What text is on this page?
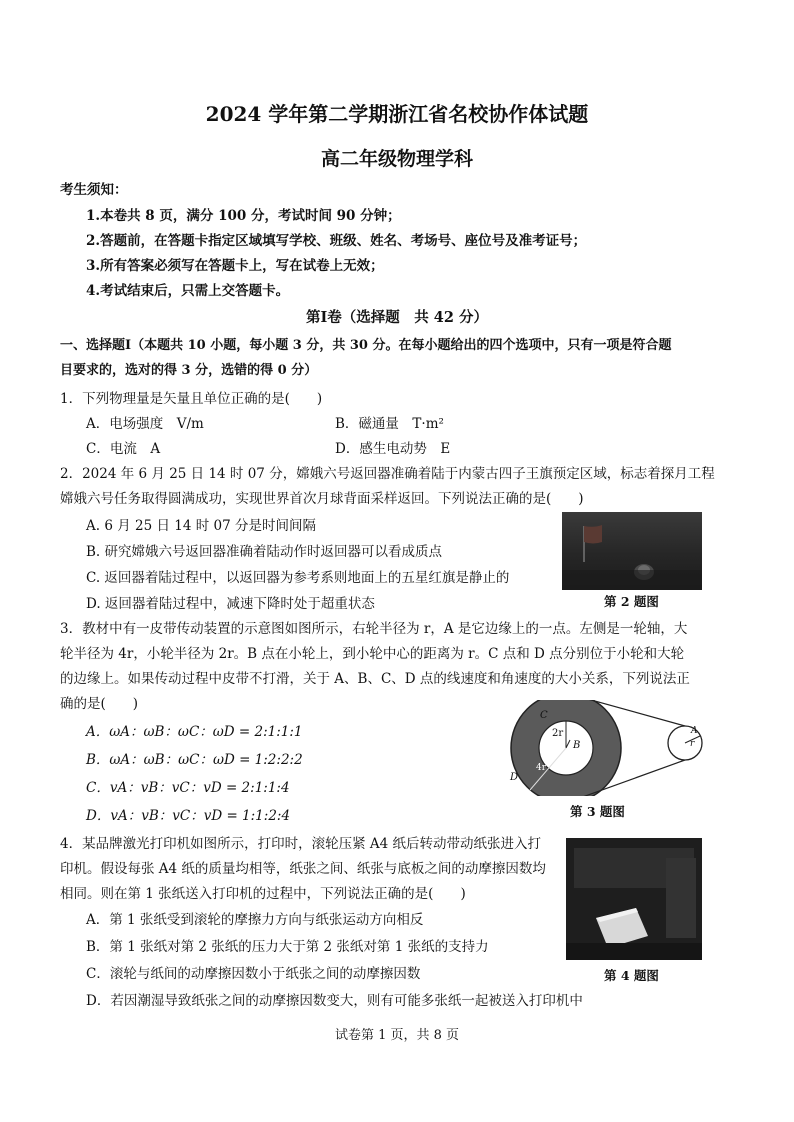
2024 学年第二学期浙江省名校协作体试题
高二年级物理学科
考生须知：
1.本卷共 8 页，满分 100 分，考试时间 90 分钟；
2.答题前，在答题卡指定区域填写学校、班级、姓名、考场号、座位号及准考证号；
3.所有答案必须写在答题卡上，写在试卷上无效；
4.考试结束后，只需上交答题卡。
第Ⅰ卷（选择题　共 42 分）
一、选择题Ⅰ（本题共 10 小题，每小题 3 分，共 30 分。在每小题给出的四个选项中，只有一项是符合题
目要求的，选对的得 3 分，选错的得 0 分）
1．下列物理量是矢量且单位正确的是(　　)
A．电场强度　V/m	B．磁通量　T·m²
C．电流　A	D．感生电动势　E
2．2024 年 6 月 25 日 14 时 07 分，嫦娥六号返回器准确着陆于内蒙古四子王旗预定区域，标志着探月工程
嫦娥六号任务取得圆满成功，实现世界首次月球背面采样返回。下列说法正确的是(　　)
A. 6 月 25 日 14 时 07 分是时间间隔
B. 研究嫦娥六号返回器准确着陆动作时返回器可以看成质点
C. 返回器着陆过程中，以返回器为参考系则地面上的五星红旗是静止的
D. 返回器着陆过程中，减速下降时处于超重状态	第 2 题图
3．教材中有一皮带传动装置的示意图如图所示，右轮半径为 r，A 是它边缘上的一点。左侧是一轮轴，大
轮半径为 4r，小轮半径为 2r。B 点在小轮上，到小轮中心的距离为 r。C 点和 D 点分别位于小轮和大轮
的边缘上。如果传动过程中皮带不打滑，关于 A、B、C、D 点的线速度和角速度的大小关系，下列说法正
确的是(　　)
A．ωA：ωB：ωC：ωD = 2:1:1:1
B．ωA：ωB：ωC：ωD = 1:2:2:2
C．vA：vB：vC：vD = 2:1:1:4
D．vA：vB：vC：vD = 1:1:2:4
C
2r
B
4r
D
A
r
第 3 题图
4．某品牌激光打印机如图所示，打印时，滚轮压紧 A4 纸后转动带动纸张进入打
印机。假设每张 A4 纸的质量均相等，纸张之间、纸张与底板之间的动摩擦因数均
相同。则在第 1 张纸送入打印机的过程中，下列说法正确的是(　　)
A．第 1 张纸受到滚轮的摩擦力方向与纸张运动方向相反
B．第 1 张纸对第 2 张纸的压力大于第 2 张纸对第 1 张纸的支持力
C．滚轮与纸间的动摩擦因数小于纸张之间的动摩擦因数
D．若因潮湿导致纸张之间的动摩擦因数变大，则有可能多张纸一起被送入打印机中
第 4 题图
试卷第 1 页，共 8 页
